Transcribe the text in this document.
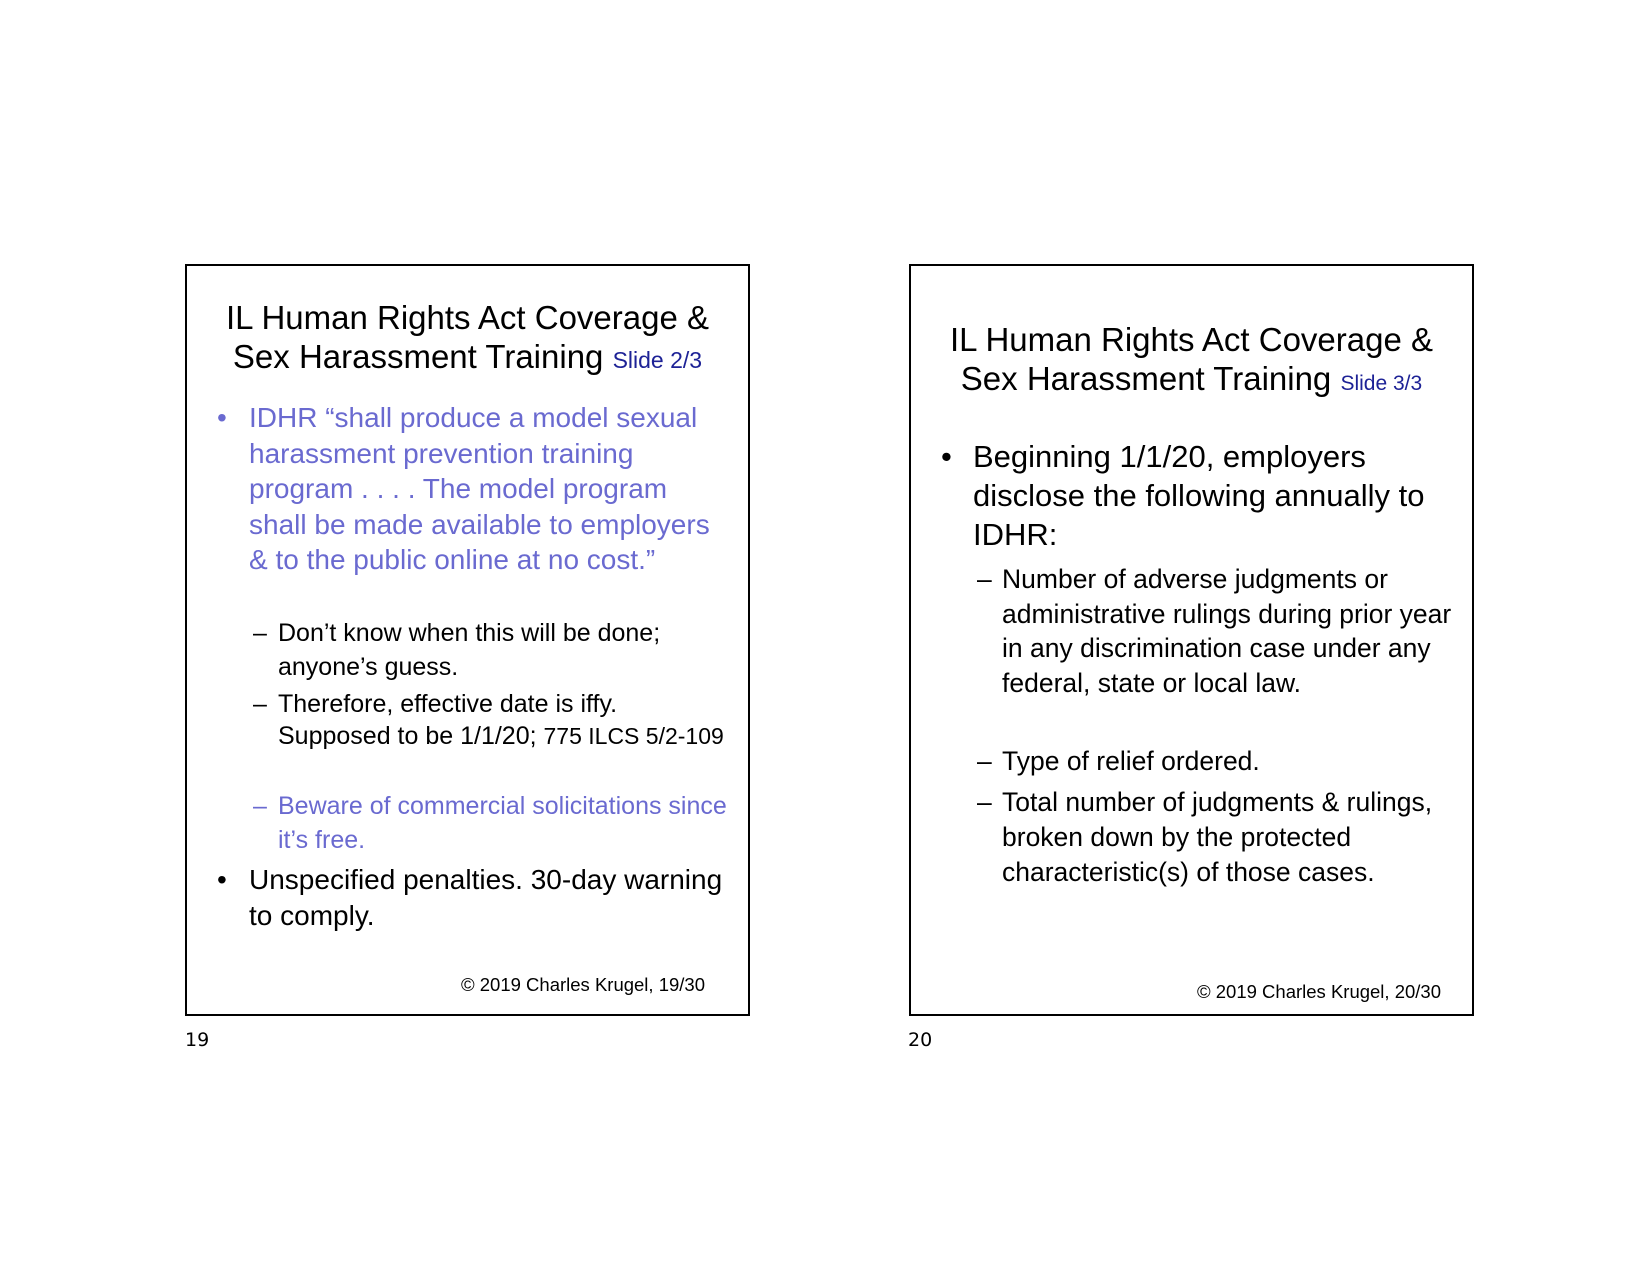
IL Human Rights Act Coverage &
Sex Harassment Training Slide 2/3
• IDHR “shall produce a model sexual harassment prevention training program . . . . The model program shall be made available to employers & to the public online at no cost.”
– Don’t know when this will be done; anyone’s guess.
– Therefore, effective date is iffy. Supposed to be 1/1/20; 775 ILCS 5/2-109
– Beware of commercial solicitations since it’s free.
• Unspecified penalties. 30-day warning to comply.
© 2019 Charles Krugel, 19/30
19
IL Human Rights Act Coverage &
Sex Harassment Training Slide 3/3
• Beginning 1/1/20, employers disclose the following annually to IDHR:
– Number of adverse judgments or administrative rulings during prior year in any discrimination case under any federal, state or local law.
– Type of relief ordered.
– Total number of judgments & rulings, broken down by the protected characteristic(s) of those cases.
© 2019 Charles Krugel, 20/30
20
